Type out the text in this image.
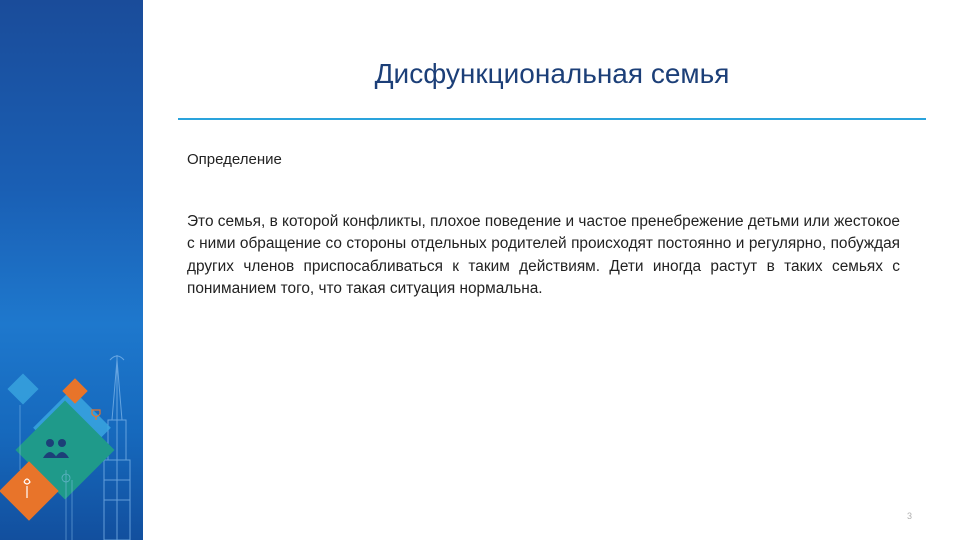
Дисфункциональная семья
Определение

Это семья, в которой конфликты, плохое поведение и частое пренебрежение детьми или жестокое с ними обращение со стороны отдельных родителей происходят постоянно и регулярно, побуждая других членов приспосабливаться к таким действиям. Дети иногда растут в таких семьях с пониманием того, что такая ситуация нормальна.

3
